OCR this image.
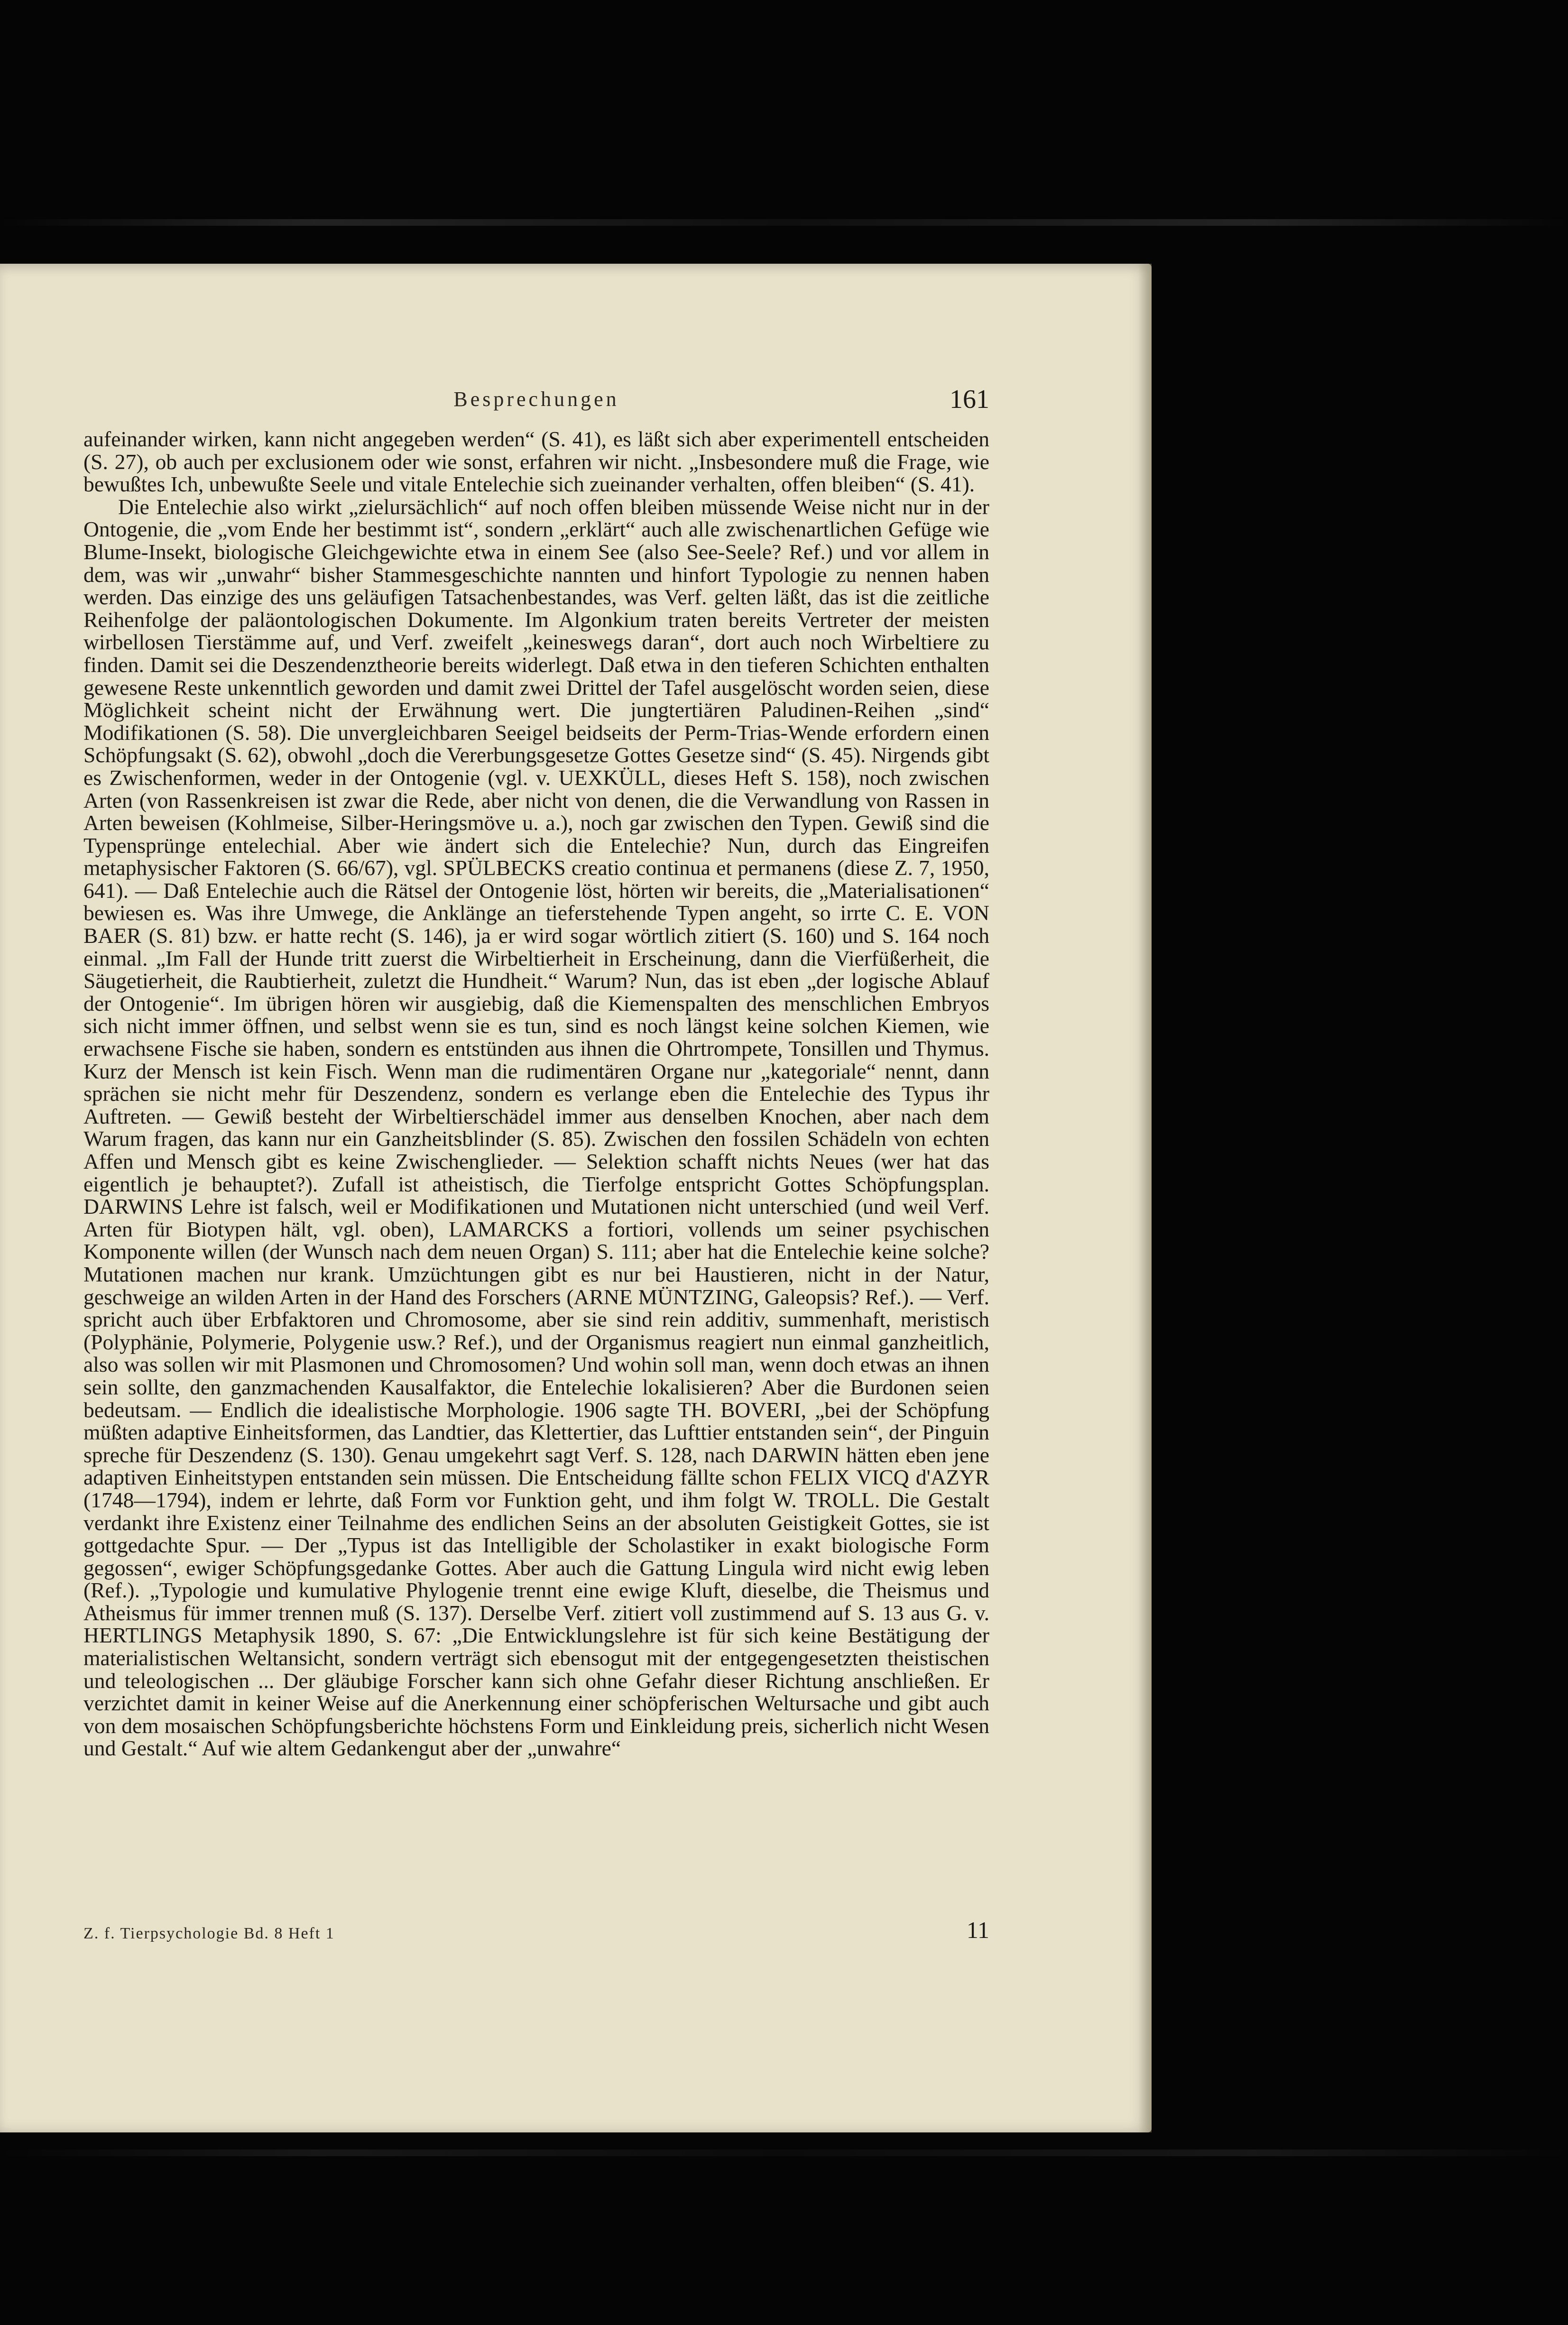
Besprechungen	161

aufeinander wirken, kann nicht angegeben werden“ (S. 41), es läßt sich aber experimentell entscheiden (S. 27), ob auch per exclusionem oder wie sonst, erfahren wir nicht. „Insbesondere muß die Frage, wie bewußtes Ich, unbewußte Seele und vitale Entelechie sich zueinander verhalten, offen bleiben“ (S. 41).

Die Entelechie also wirkt „zielursächlich“ auf noch offen bleiben müssende Weise nicht nur in der Ontogenie, die „vom Ende her bestimmt ist“, sondern „erklärt“ auch alle zwischenartlichen Gefüge wie Blume-Insekt, biologische Gleichgewichte etwa in einem See (also See-Seele? Ref.) und vor allem in dem, was wir „unwahr“ bisher Stammesgeschichte nannten und hinfort Typologie zu nennen haben werden. Das einzige des uns geläufigen Tatsachenbestandes, was Verf. gelten läßt, das ist die zeitliche Reihenfolge der paläontologischen Dokumente. Im Algonkium traten bereits Vertreter der meisten wirbellosen Tierstämme auf, und Verf. zweifelt „keineswegs daran“, dort auch noch Wirbeltiere zu finden. Damit sei die Deszendenztheorie bereits widerlegt. Daß etwa in den tieferen Schichten enthalten gewesene Reste unkenntlich geworden und damit zwei Drittel der Tafel ausgelöscht worden seien, diese Möglichkeit scheint nicht der Erwähnung wert. Die jungtertiären Paludinen-Reihen „sind“ Modifikationen (S. 58). Die unvergleichbaren Seeigel beidseits der Perm-Trias-Wende erfordern einen Schöpfungsakt (S. 62), obwohl „doch die Vererbungsgesetze Gottes Gesetze sind“ (S. 45). Nirgends gibt es Zwischenformen, weder in der Ontogenie (vgl. v. UEXKÜLL, dieses Heft S. 158), noch zwischen Arten (von Rassenkreisen ist zwar die Rede, aber nicht von denen, die die Verwandlung von Rassen in Arten beweisen (Kohlmeise, Silber-Heringsmöve u. a.), noch gar zwischen den Typen. Gewiß sind die Typensprünge entelechial. Aber wie ändert sich die Entelechie? Nun, durch das Eingreifen metaphysischer Faktoren (S. 66/67), vgl. SPÜLBECKS creatio continua et permanens (diese Z. 7, 1950, 641). — Daß Entelechie auch die Rätsel der Ontogenie löst, hörten wir bereits, die „Materialisationen“ bewiesen es. Was ihre Umwege, die Anklänge an tieferstehende Typen angeht, so irrte C. E. VON BAER (S. 81) bzw. er hatte recht (S. 146), ja er wird sogar wörtlich zitiert (S. 160) und S. 164 noch einmal. „Im Fall der Hunde tritt zuerst die Wirbeltierheit in Erscheinung, dann die Vierfüßerheit, die Säugetierheit, die Raubtierheit, zuletzt die Hundheit.“ Warum? Nun, das ist eben „der logische Ablauf der Ontogenie“. Im übrigen hören wir ausgiebig, daß die Kiemenspalten des menschlichen Embryos sich nicht immer öffnen, und selbst wenn sie es tun, sind es noch längst keine solchen Kiemen, wie erwachsene Fische sie haben, sondern es entstünden aus ihnen die Ohrtrompete, Tonsillen und Thymus. Kurz der Mensch ist kein Fisch. Wenn man die rudimentären Organe nur „kategoriale“ nennt, dann sprächen sie nicht mehr für Deszendenz, sondern es verlange eben die Entelechie des Typus ihr Auftreten. — Gewiß besteht der Wirbeltierschädel immer aus denselben Knochen, aber nach dem Warum fragen, das kann nur ein Ganzheitsblinder (S. 85). Zwischen den fossilen Schädeln von echten Affen und Mensch gibt es keine Zwischenglieder. — Selektion schafft nichts Neues (wer hat das eigentlich je behauptet?). Zufall ist atheistisch, die Tierfolge entspricht Gottes Schöpfungsplan. DARWINS Lehre ist falsch, weil er Modifikationen und Mutationen nicht unterschied (und weil Verf. Arten für Biotypen hält, vgl. oben), LAMARCKS a fortiori, vollends um seiner psychischen Komponente willen (der Wunsch nach dem neuen Organ) S. 111; aber hat die Entelechie keine solche? Mutationen machen nur krank. Umzüchtungen gibt es nur bei Haustieren, nicht in der Natur, geschweige an wilden Arten in der Hand des Forschers (ARNE MÜNTZING, Galeopsis? Ref.). — Verf. spricht auch über Erbfaktoren und Chromosome, aber sie sind rein additiv, summenhaft, meristisch (Polyphänie, Polymerie, Polygenie usw.? Ref.), und der Organismus reagiert nun einmal ganzheitlich, also was sollen wir mit Plasmonen und Chromosomen? Und wohin soll man, wenn doch etwas an ihnen sein sollte, den ganzmachenden Kausalfaktor, die Entelechie lokalisieren? Aber die Burdonen seien bedeutsam. — Endlich die idealistische Morphologie. 1906 sagte TH. BOVERI, „bei der Schöpfung müßten adaptive Einheitsformen, das Landtier, das Klettertier, das Lufttier entstanden sein“, der Pinguin spreche für Deszendenz (S. 130). Genau umgekehrt sagt Verf. S. 128, nach DARWIN hätten eben jene adaptiven Einheitstypen entstanden sein müssen. Die Entscheidung fällte schon FELIX VICQ d'AZYR (1748—1794), indem er lehrte, daß Form vor Funktion geht, und ihm folgt W. TROLL. Die Gestalt verdankt ihre Existenz einer Teilnahme des endlichen Seins an der absoluten Geistigkeit Gottes, sie ist gottgedachte Spur. — Der „Typus ist das Intelligible der Scholastiker in exakt biologische Form gegossen“, ewiger Schöpfungsgedanke Gottes. Aber auch die Gattung Lingula wird nicht ewig leben (Ref.). „Typologie und kumulative Phylogenie trennt eine ewige Kluft, dieselbe, die Theismus und Atheismus für immer trennen muß (S. 137). Derselbe Verf. zitiert voll zustimmend auf S. 13 aus G. v. HERTLINGS Metaphysik 1890, S. 67: „Die Entwicklungslehre ist für sich keine Bestätigung der materialistischen Weltansicht, sondern verträgt sich ebensogut mit der entgegengesetzten theistischen und teleologischen ... Der gläubige Forscher kann sich ohne Gefahr dieser Richtung anschließen. Er verzichtet damit in keiner Weise auf die Anerkennung einer schöpferischen Weltursache und gibt auch von dem mosaischen Schöpfungsberichte höchstens Form und Einkleidung preis, sicherlich nicht Wesen und Gestalt.“ Auf wie altem Gedankengut aber der „unwahre“

Z. f. Tierpsychologie Bd. 8 Heft 1	11
